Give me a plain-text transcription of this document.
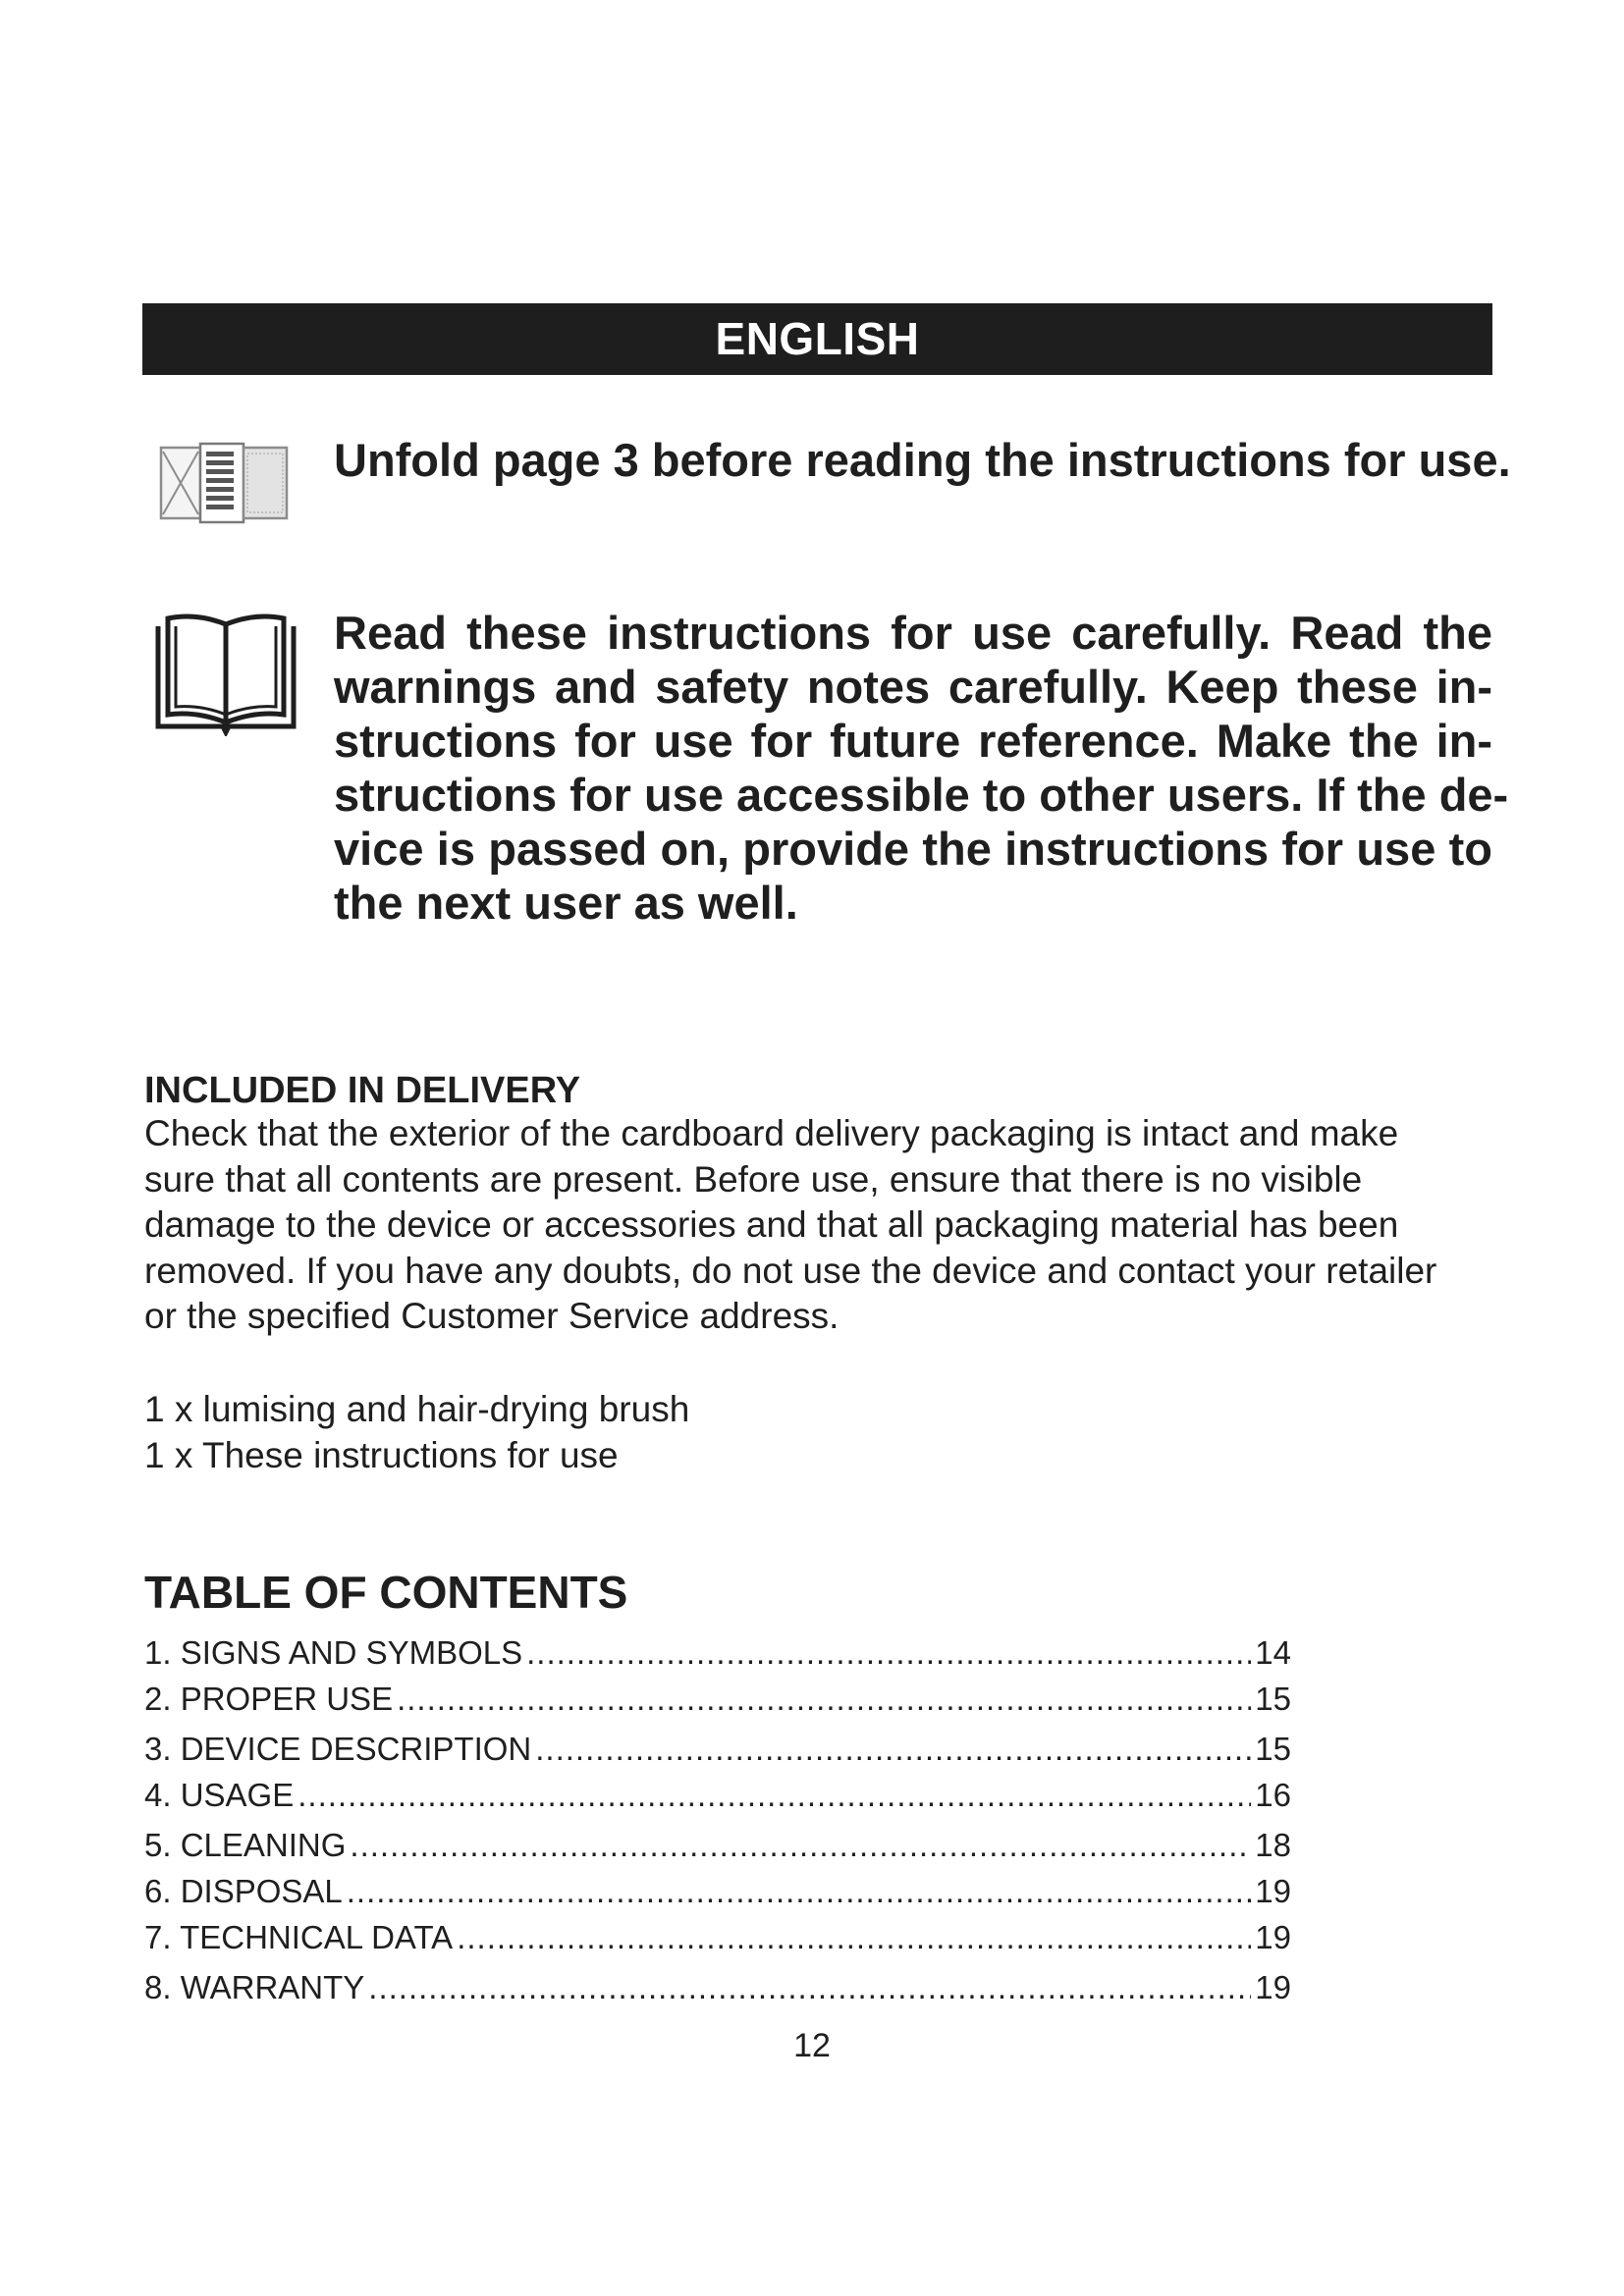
ENGLISH
Unfold page 3 before reading the instructions for use.
Read these instructions for use carefully. Read the
warnings and safety notes carefully. Keep these in-
structions for use for future reference. Make the in-
structions for use accessible to other users. If the de-
vice is passed on, provide the instructions for use to
the next user as well.
INCLUDED IN DELIVERY
Check that the exterior of the cardboard delivery packaging is intact and make
sure that all contents are present. Before use, ensure that there is no visible
damage to the device or accessories and that all packaging material has been
removed. If you have any doubts, do not use the device and contact your retailer
or the specified Customer Service address.
1 x lumising and hair-drying brush
1 x These instructions for use
TABLE OF CONTENTS
1. SIGNS AND SYMBOLS .....	14
2. PROPER USE .....	15
3. DEVICE DESCRIPTION .....	15
4. USAGE .....	16
5. CLEANING .....	18
6. DISPOSAL .....	19
7. TECHNICAL DATA .....	19
8. WARRANTY .....	19
12
